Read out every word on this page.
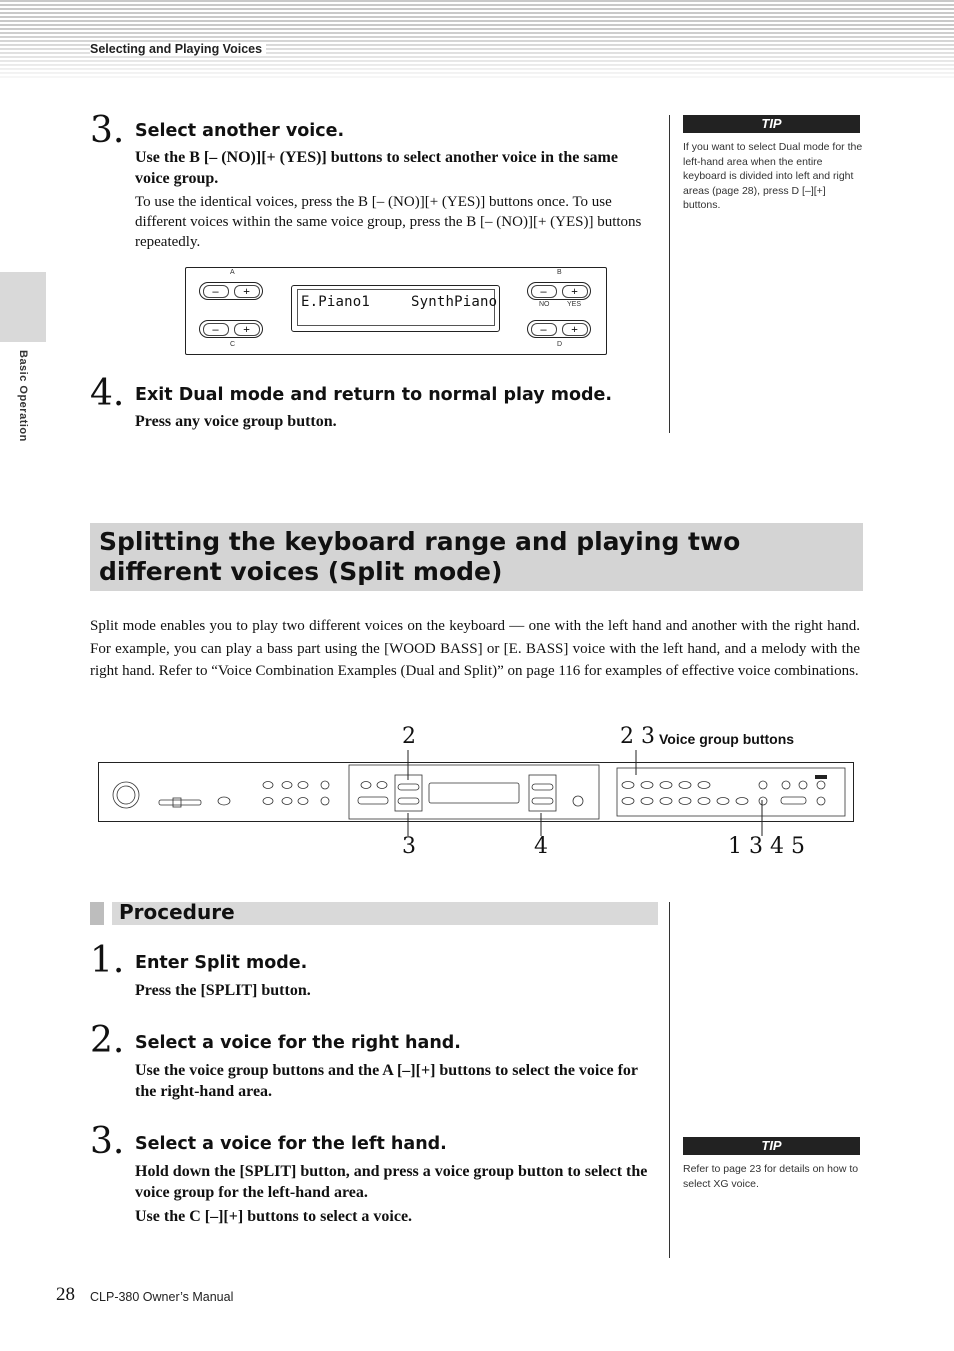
Selecting and Playing Voices
Basic Operation
3. Select another voice.
Use the B [– (NO)][+ (YES)] buttons to select another voice in the same voice group.
To use the identical voices, press the B [– (NO)][+ (YES)] buttons once. To use different voices within the same voice group, press the B [– (NO)][+ (YES)] buttons repeatedly.
A	B
C	D
–	+
–	+
–	+
NO	YES
–	+
E.Piano1	SynthPiano
4. Exit Dual mode and return to normal play mode.
Press any voice group button.
TIP
If you want to select Dual mode for the left-hand area when the entire keyboard is divided into left and right areas (page 28), press D [–][+] buttons.
Splitting the keyboard range and playing two different voices (Split mode)
Split mode enables you to play two different voices on the keyboard — one with the left hand and another with the right hand. For example, you can play a bass part using the [WOOD BASS] or [E. BASS] voice with the left hand, and a melody with the right hand. Refer to “Voice Combination Examples (Dual and Split)” on page 116 for examples of effective voice combinations.
2	2 3 Voice group buttons
3	4	1 3 4 5
Procedure
1. Enter Split mode.
Press the [SPLIT] button.
2. Select a voice for the right hand.
Use the voice group buttons and the A [–][+] buttons to select the voice for the right-hand area.
3. Select a voice for the left hand.
Hold down the [SPLIT] button, and press a voice group button to select the voice group for the left-hand area.
Use the C [–][+] buttons to select a voice.
TIP
Refer to page 23 for details on how to select XG voice.
28 CLP-380 Owner’s Manual
